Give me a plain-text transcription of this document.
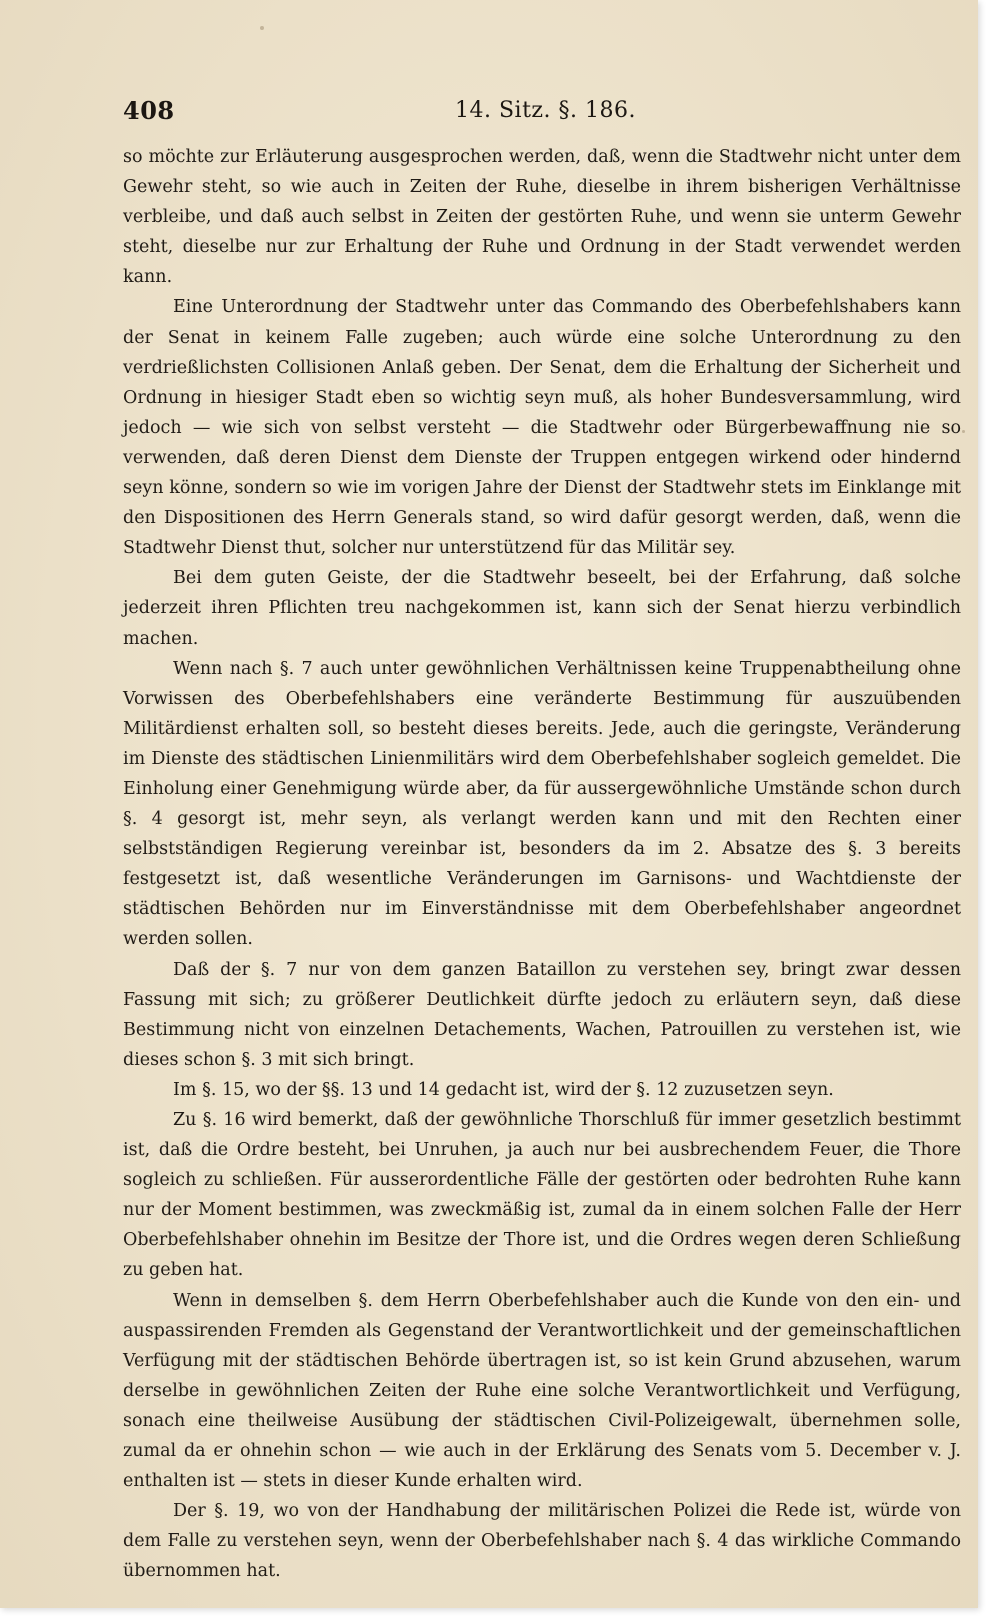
408	14. Sitz. §. 186.

so möchte zur Erläuterung ausgesprochen werden, daß, wenn die Stadtwehr nicht unter dem Gewehr steht, so wie auch in Zeiten der Ruhe, dieselbe in ihrem bisherigen Verhältnisse verbleibe, und daß auch selbst in Zeiten der gestörten Ruhe, und wenn sie unterm Gewehr steht, dieselbe nur zur Erhaltung der Ruhe und Ordnung in der Stadt verwendet werden kann.

Eine Unterordnung der Stadtwehr unter das Commando des Oberbefehlshabers kann der Senat in keinem Falle zugeben; auch würde eine solche Unterordnung zu den verdrießlichsten Collisionen Anlaß geben. Der Senat, dem die Erhaltung der Sicherheit und Ordnung in hiesiger Stadt eben so wichtig seyn muß, als hoher Bundesversammlung, wird jedoch — wie sich von selbst versteht — die Stadtwehr oder Bürgerbewaffnung nie so verwenden, daß deren Dienst dem Dienste der Truppen entgegen wirkend oder hindernd seyn könne, sondern so wie im vorigen Jahre der Dienst der Stadtwehr stets im Einklange mit den Dispositionen des Herrn Generals stand, so wird dafür gesorgt werden, daß, wenn die Stadtwehr Dienst thut, solcher nur unterstützend für das Militär sey.

Bei dem guten Geiste, der die Stadtwehr beseelt, bei der Erfahrung, daß solche jederzeit ihren Pflichten treu nachgekommen ist, kann sich der Senat hierzu verbindlich machen.

Wenn nach §. 7 auch unter gewöhnlichen Verhältnissen keine Truppenabtheilung ohne Vorwissen des Oberbefehlshabers eine veränderte Bestimmung für auszuübenden Militärdienst erhalten soll, so besteht dieses bereits. Jede, auch die geringste, Veränderung im Dienste des städtischen Linienmilitärs wird dem Oberbefehlshaber sogleich gemeldet. Die Einholung einer Genehmigung würde aber, da für aussergewöhnliche Umstände schon durch §. 4 gesorgt ist, mehr seyn, als verlangt werden kann und mit den Rechten einer selbstständigen Regierung vereinbar ist, besonders da im 2. Absatze des §. 3 bereits festgesetzt ist, daß wesentliche Veränderungen im Garnisons- und Wachtdienste der städtischen Behörden nur im Einverständnisse mit dem Oberbefehlshaber angeordnet werden sollen.

Daß der §. 7 nur von dem ganzen Bataillon zu verstehen sey, bringt zwar dessen Fassung mit sich; zu größerer Deutlichkeit dürfte jedoch zu erläutern seyn, daß diese Bestimmung nicht von einzelnen Detachements, Wachen, Patrouillen zu verstehen ist, wie dieses schon §. 3 mit sich bringt.

Im §. 15, wo der §§. 13 und 14 gedacht ist, wird der §. 12 zuzusetzen seyn.

Zu §. 16 wird bemerkt, daß der gewöhnliche Thorschluß für immer gesetzlich bestimmt ist, daß die Ordre besteht, bei Unruhen, ja auch nur bei ausbrechendem Feuer, die Thore sogleich zu schließen. Für ausserordentliche Fälle der gestörten oder bedrohten Ruhe kann nur der Moment bestimmen, was zweckmäßig ist, zumal da in einem solchen Falle der Herr Oberbefehlshaber ohnehin im Besitze der Thore ist, und die Ordres wegen deren Schließung zu geben hat.

Wenn in demselben §. dem Herrn Oberbefehlshaber auch die Kunde von den ein- und auspassirenden Fremden als Gegenstand der Verantwortlichkeit und der gemeinschaftlichen Verfügung mit der städtischen Behörde übertragen ist, so ist kein Grund abzusehen, warum derselbe in gewöhnlichen Zeiten der Ruhe eine solche Verantwortlichkeit und Verfügung, sonach eine theilweise Ausübung der städtischen Civil-Polizeigewalt, übernehmen solle, zumal da er ohnehin schon — wie auch in der Erklärung des Senats vom 5. December v. J. enthalten ist — stets in dieser Kunde erhalten wird.

Der §. 19, wo von der Handhabung der militärischen Polizei die Rede ist, würde von dem Falle zu verstehen seyn, wenn der Oberbefehlshaber nach §. 4 das wirkliche Commando übernommen hat.
